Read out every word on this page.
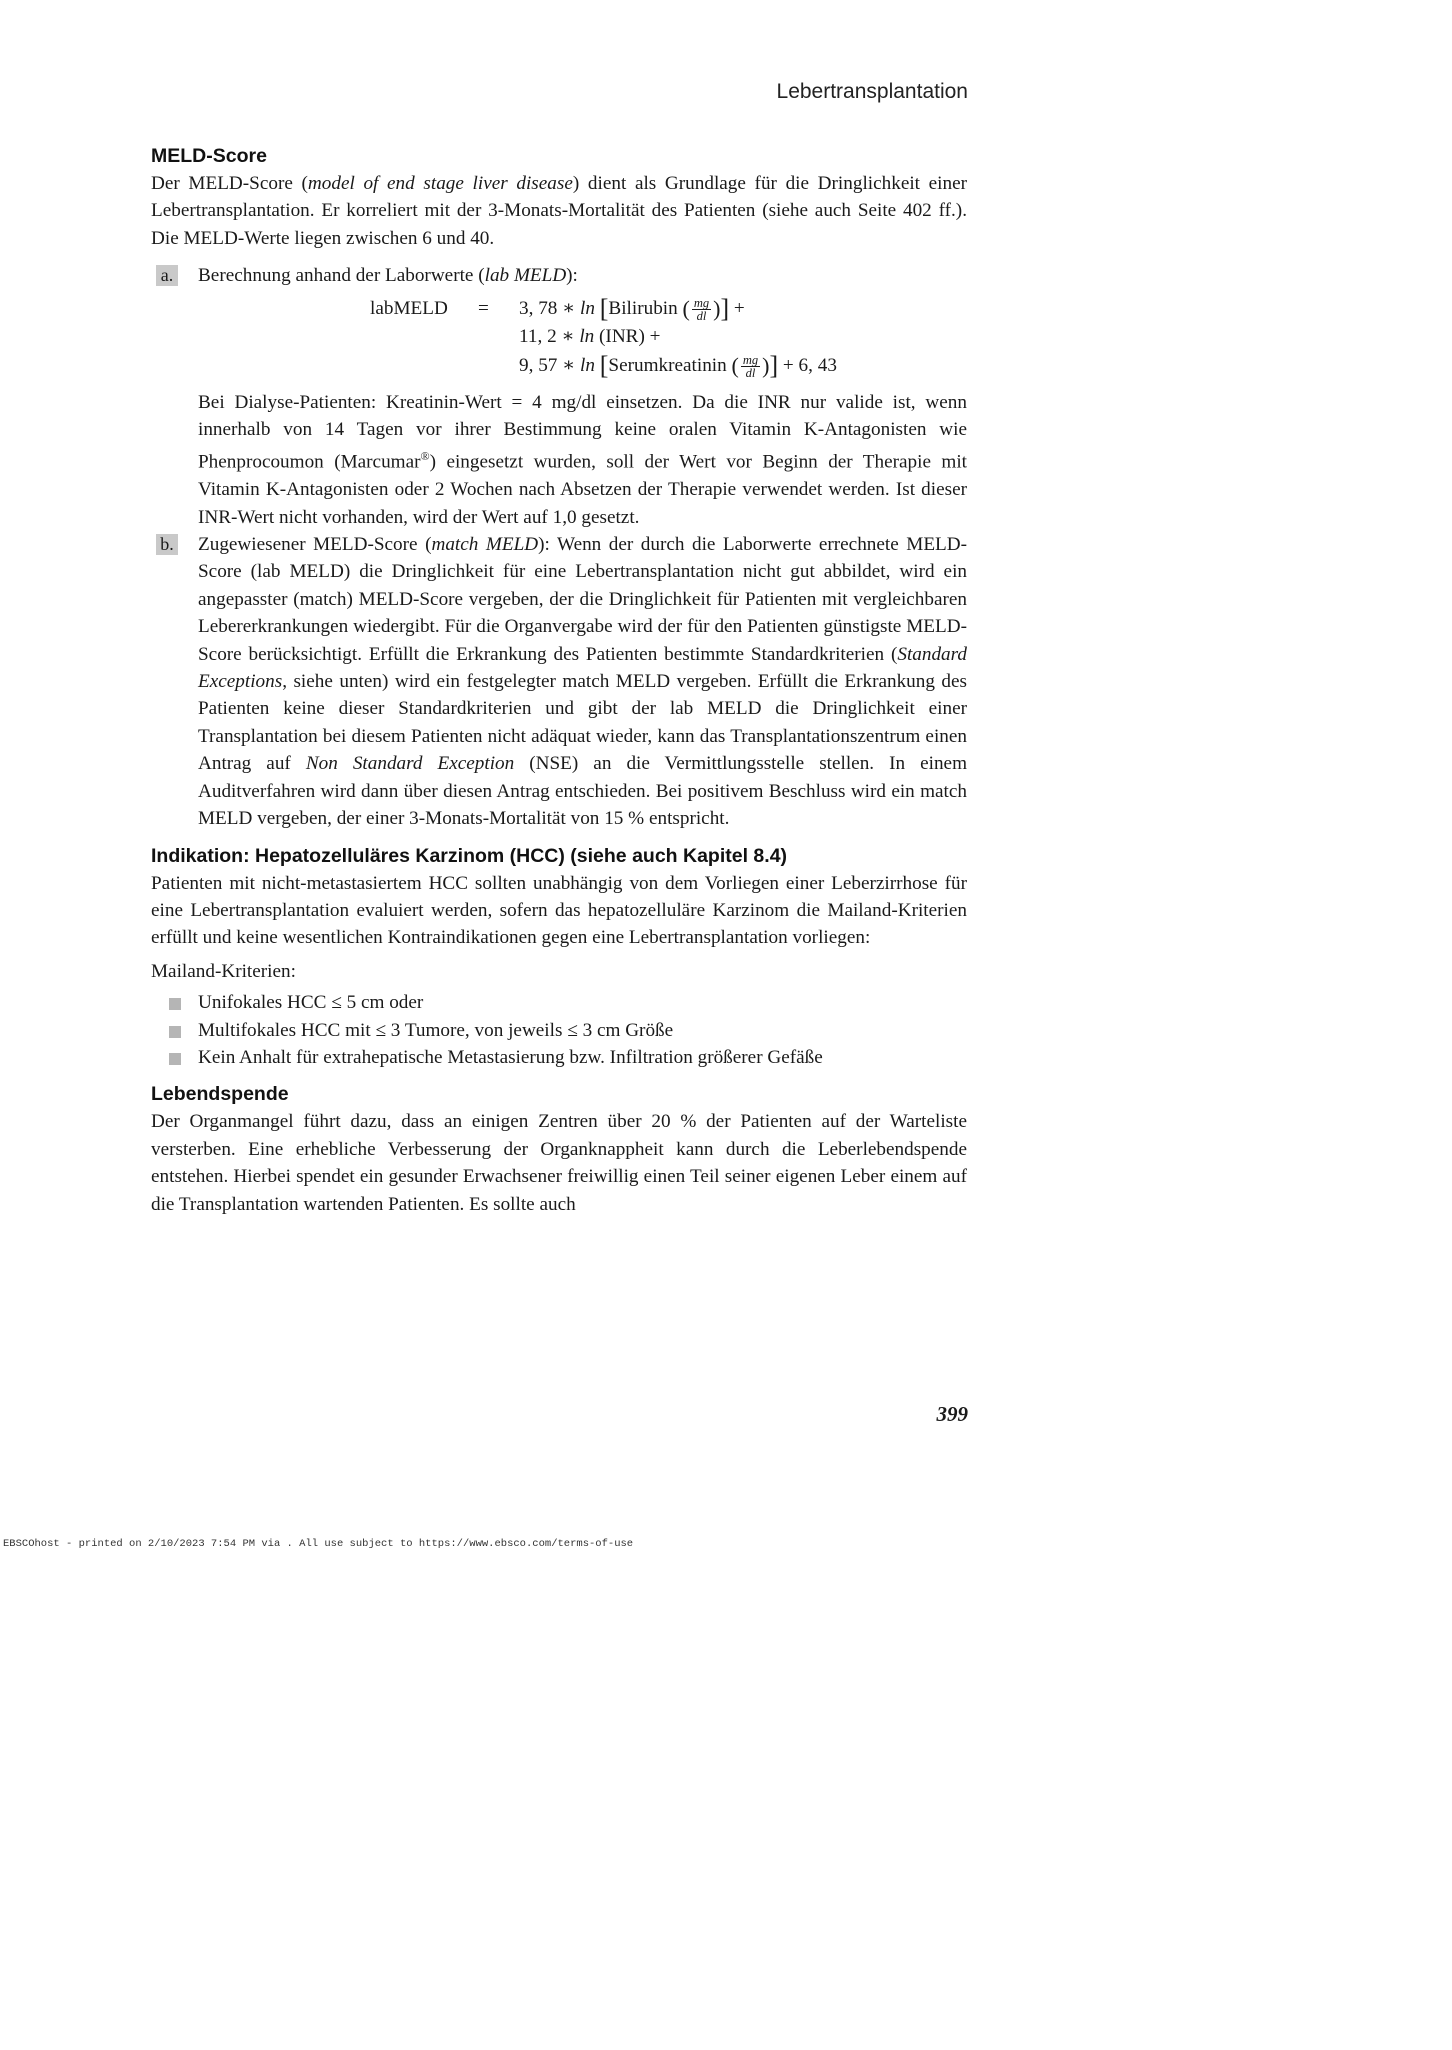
Lebertransplantation
MELD-Score

Der MELD-Score (model of end stage liver disease) dient als Grundlage für die Dringlichkeit einer Lebertransplantation. Er korreliert mit der 3-Monats-Mortalität des Patienten (siehe auch Seite 402 ff.). Die MELD-Werte liegen zwischen 6 und 40.

a. Berechnung anhand der Laborwerte (lab MELD):
labMELD = 3, 78 ∗ ln [Bilirubin ( $\frac{mg}{dl}$ )] +
11, 2 ∗ ln (INR) +
9, 57 ∗ ln [Serumkreatinin ( $\frac{mg}{dl}$ )] + 6, 43

Bei Dialyse-Patienten: Kreatinin-Wert = 4 mg/dl einsetzen. Da die INR nur valide ist, wenn innerhalb von 14 Tagen vor ihrer Bestimmung keine oralen Vitamin K-Antagonisten wie Phenprocoumon (Marcumar®) eingesetzt wurden, soll der Wert vor Beginn der Therapie mit Vitamin K-Antagonisten oder 2 Wochen nach Absetzen der Therapie verwendet werden. Ist dieser INR-Wert nicht vorhanden, wird der Wert auf 1,0 gesetzt.

b. Zugewiesener MELD-Score (match MELD): Wenn der durch die Laborwerte errechnete MELD-Score (lab MELD) die Dringlichkeit für eine Lebertransplantation nicht gut abbildet, wird ein angepasster (match) MELD-Score vergeben, der die Dringlichkeit für Patienten mit vergleichbaren Lebererkrankungen wiedergibt. Für die Organvergabe wird der für den Patienten günstigste MELD-Score berücksichtigt. Erfüllt die Erkrankung des Patienten bestimmte Standardkriterien (Standard Exceptions, siehe unten) wird ein festgelegter match MELD vergeben. Erfüllt die Erkrankung des Patienten keine dieser Standardkriterien und gibt der lab MELD die Dringlichkeit einer Transplantation bei diesem Patienten nicht adäquat wieder, kann das Transplantationszentrum einen Antrag auf Non Standard Exception (NSE) an die Vermittlungsstelle stellen. In einem Auditverfahren wird dann über diesen Antrag entschieden. Bei positivem Beschluss wird ein match MELD vergeben, der einer 3-Monats-Mortalität von 15 % entspricht.
Indikation: Hepatozelluläres Karzinom (HCC) (siehe auch Kapitel 8.4)

Patienten mit nicht-metastasiertem HCC sollten unabhängig von dem Vorliegen einer Leberzirrhose für eine Lebertransplantation evaluiert werden, sofern das hepatozelluläre Karzinom die Mailand-Kriterien erfüllt und keine wesentlichen Kontraindikationen gegen eine Lebertransplantation vorliegen:

Mailand-Kriterien:

Unifokales HCC ≤ 5 cm oder
Multifokales HCC mit ≤ 3 Tumore, von jeweils ≤ 3 cm Größe
Kein Anhalt für extrahepatische Metastasierung bzw. Infiltration größerer Gefäße
Lebendspende

Der Organmangel führt dazu, dass an einigen Zentren über 20 % der Patienten auf der Warteliste versterben. Eine erhebliche Verbesserung der Organknappheit kann durch die Leberlebendspende entstehen. Hierbei spendet ein gesunder Erwachsener freiwillig einen Teil seiner eigenen Leber einem auf die Transplantation wartenden Patienten. Es sollte auch

399
EBSCOhost - printed on 2/10/2023 7:54 PM via . All use subject to https://www.ebsco.com/terms-of-use
